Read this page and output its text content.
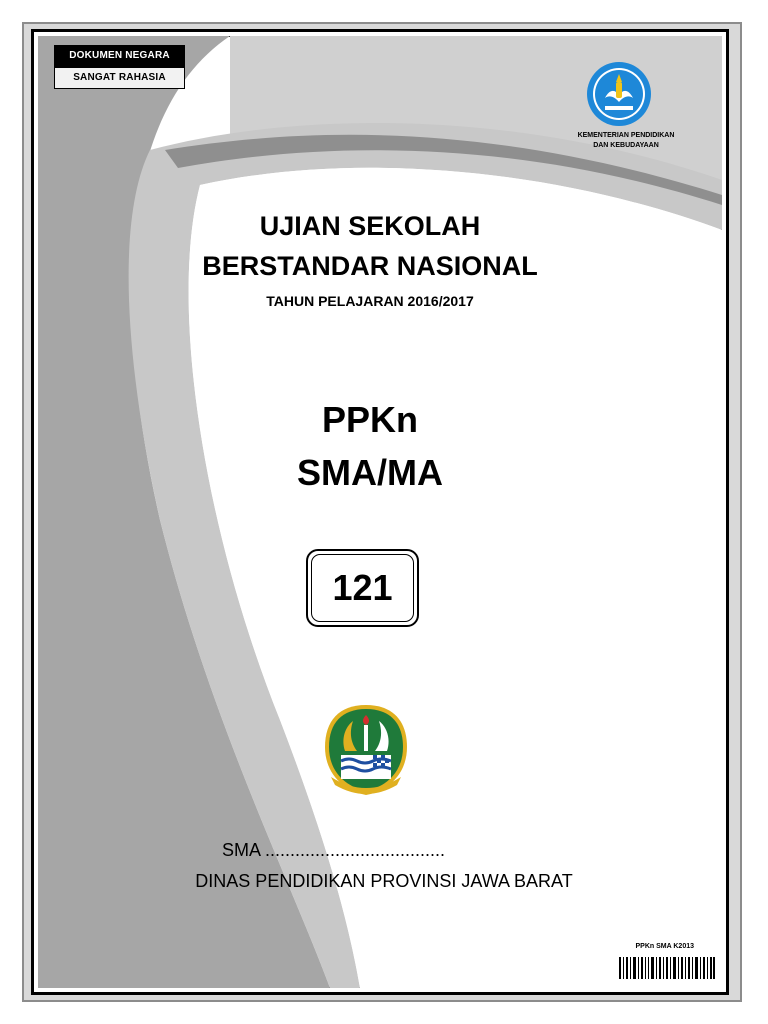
DOKUMEN NEGARA
SANGAT RAHASIA
KEMENTERIAN PENDIDIKAN
DAN KEBUDAYAAN
UJIAN SEKOLAH
BERSTANDAR NASIONAL
TAHUN PELAJARAN 2016/2017
PPKn
SMA/MA
121
SMA ....................................
DINAS PENDIDIKAN PROVINSI JAWA BARAT
PPKn SMA K2013
